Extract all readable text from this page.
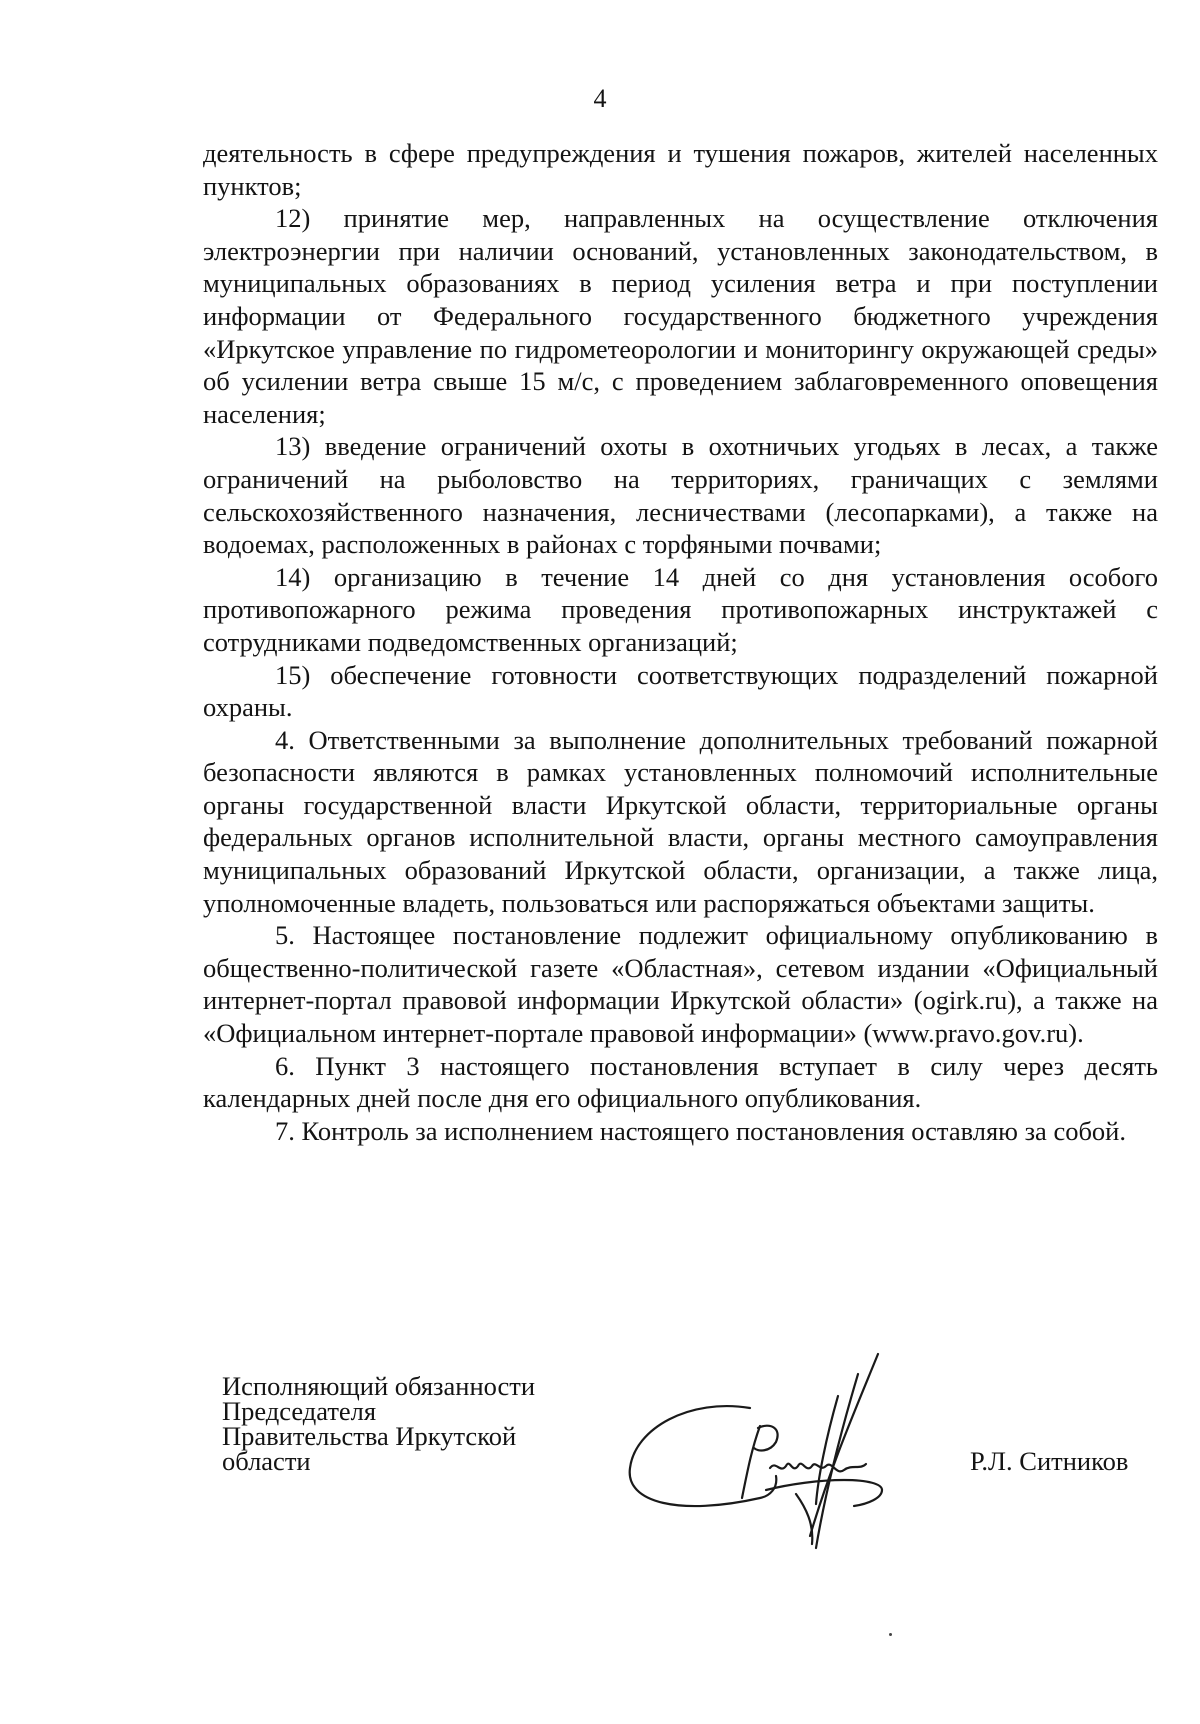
4

деятельность в сфере предупреждения и тушения пожаров, жителей населенных пунктов;

12) принятие мер, направленных на осуществление отключения электроэнергии при наличии оснований, установленных законодательством, в муниципальных образованиях в период усиления ветра и при поступлении информации от Федерального государственного бюджетного учреждения «Иркутское управление по гидрометеорологии и мониторингу окружающей среды» об усилении ветра свыше 15 м/с, с проведением заблаговременного оповещения населения;

13) введение ограничений охоты в охотничьих угодьях в лесах, а также ограничений на рыболовство на территориях, граничащих с землями сельскохозяйственного назначения, лесничествами (лесопарками), а также на водоемах, расположенных в районах с торфяными почвами;

14) организацию в течение 14 дней со дня установления особого противопожарного режима проведения противопожарных инструктажей с сотрудниками подведомственных организаций;

15) обеспечение готовности соответствующих подразделений пожарной охраны.

4. Ответственными за выполнение дополнительных требований пожарной безопасности являются в рамках установленных полномочий исполнительные органы государственной власти Иркутской области, территориальные органы федеральных органов исполнительной власти, органы местного самоуправления муниципальных образований Иркутской области, организации, а также лица, уполномоченные владеть, пользоваться или распоряжаться объектами защиты.

5. Настоящее постановление подлежит официальному опубликованию в общественно-политической газете «Областная», сетевом издании «Официальный интернет-портал правовой информации Иркутской области» (ogirk.ru), а также на «Официальном интернет-портале правовой информации» (www.pravo.gov.ru).

6. Пункт 3 настоящего постановления вступает в силу через десять календарных дней после дня его официального опубликования.

7. Контроль за исполнением настоящего постановления оставляю за собой.

Исполняющий обязанности
Председателя
Правительства Иркутской
области	Р.Л. Ситников
